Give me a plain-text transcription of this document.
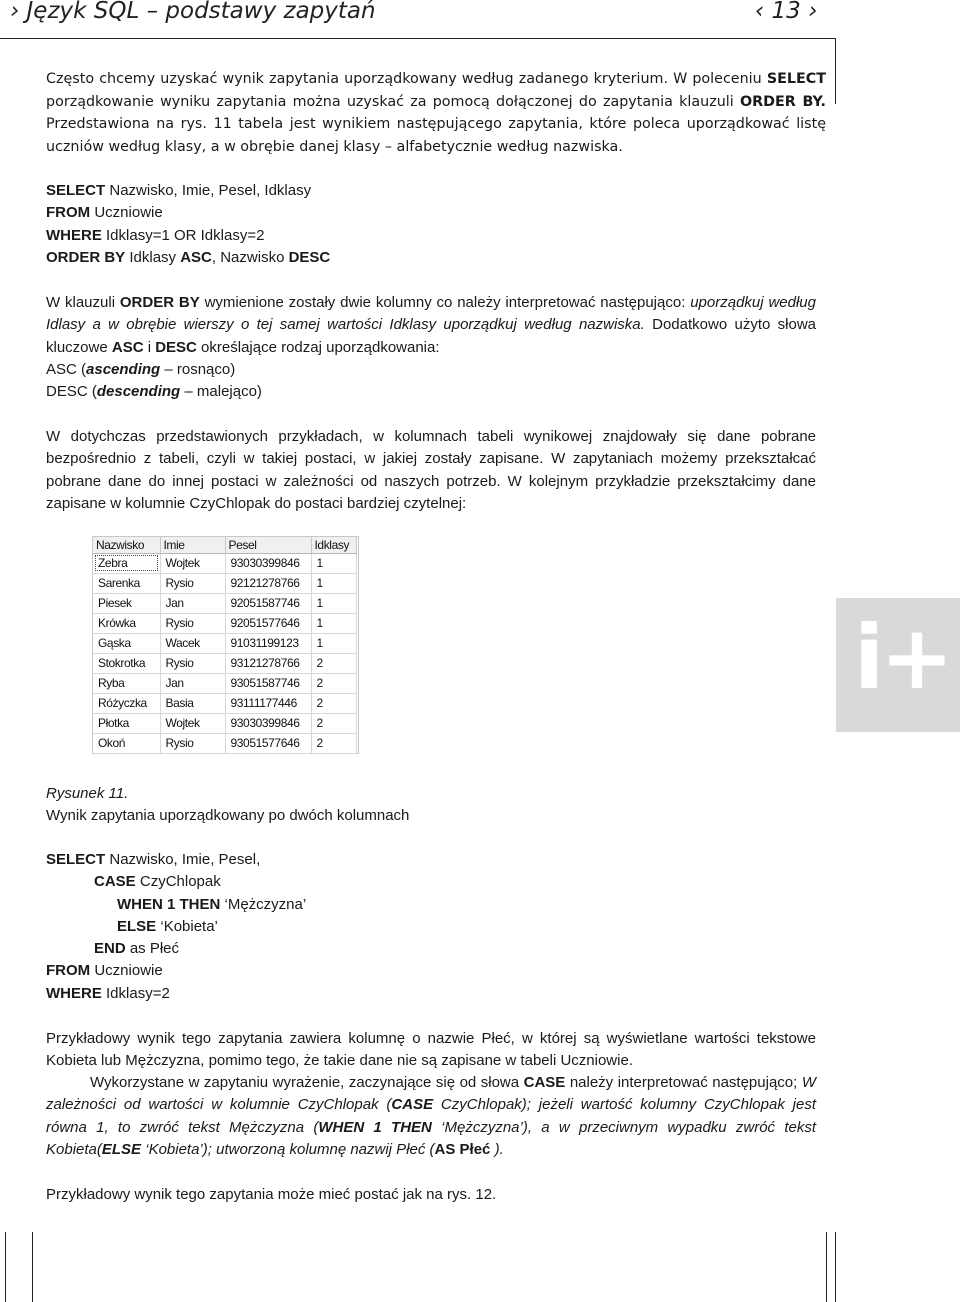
› Język SQL – podstawy zapytań	‹ 13 ›
i+

Często chcemy uzyskać wynik zapytania uporządkowany według zadanego kryterium. W poleceniu SELECT porządkowanie wyniku zapytania można uzyskać za pomocą dołączonej do zapytania klauzuli ORDER BY. Przedstawiona na rys. 11 tabela jest wynikiem następującego zapytania, które poleca uporządkować listę uczniów według klasy, a w obrębie danej klasy – alfabetycznie według nazwiska.

SELECT Nazwisko, Imie, Pesel, Idklasy
FROM Uczniowie
WHERE Idklasy=1 OR Idklasy=2
ORDER BY Idklasy ASC, Nazwisko DESC

W klauzuli ORDER BY wymienione zostały dwie kolumny co należy interpretować następująco: uporządkuj według Idlasy a w obrębie wierszy o tej samej wartości Idklasy uporządkuj według nazwiska. Dodatkowo użyto słowa kluczowe ASC i DESC określające rodzaj uporządkowania:

ASC (ascending – rosnąco)
DESC (descending – malejąco)

W dotychczas przedstawionych przykładach, w kolumnach tabeli wynikowej znajdowały się dane pobrane bezpośrednio z tabeli, czyli w takiej postaci, w jakiej zostały zapisane. W zapytaniach możemy przekształcać pobrane dane do innej postaci w zależności od naszych potrzeb. W kolejnym przykładzie przekształcimy dane zapisane w kolumnie CzyChlopak do postaci bardziej czytelnej:

Nazwisko	Imie	Pesel	Idklasy
Zebra	Wojtek	93030399846	1
Sarenka	Rysio	92121278766	1
Piesek	Jan	92051587746	1
Krówka	Rysio	92051577646	1
Gąska	Wacek	91031199123	1
Stokrotka	Rysio	93121278766	2
Ryba	Jan	93051587746	2
Różyczka	Basia	93111177446	2
Płotka	Wojtek	93030399846	2
Okoń	Rysio	93051577646	2
Rysunek 11.
Wynik zapytania uporządkowany po dwóch kolumnach
SELECT Nazwisko, Imie, Pesel,
CASE CzyChlopak
WHEN 1 THEN ‘Mężczyzna’
ELSE ‘Kobieta’
END as Płeć
FROM Uczniowie
WHERE Idklasy=2

Przykładowy wynik tego zapytania zawiera kolumnę o nazwie Płeć, w której są wyświetlane wartości tekstowe Kobieta lub Mężczyzna, pomimo tego, że takie dane nie są zapisane w tabeli Uczniowie.

Wykorzystane w zapytaniu wyrażenie, zaczynające się od słowa CASE należy interpretować następująco; W zależności od wartości w kolumnie CzyChlopak (CASE CzyChlopak); jeżeli wartość kolumny CzyChlopak jest równa 1, to zwróć tekst Mężczyzna (WHEN 1 THEN ‘Mężczyzna’), a w przeciwnym wypadku zwróć tekst Kobieta(ELSE ‘Kobieta’); utworzoną kolumnę nazwij Płeć (AS Płeć ).

Przykładowy wynik tego zapytania może mieć postać jak na rys. 12.
